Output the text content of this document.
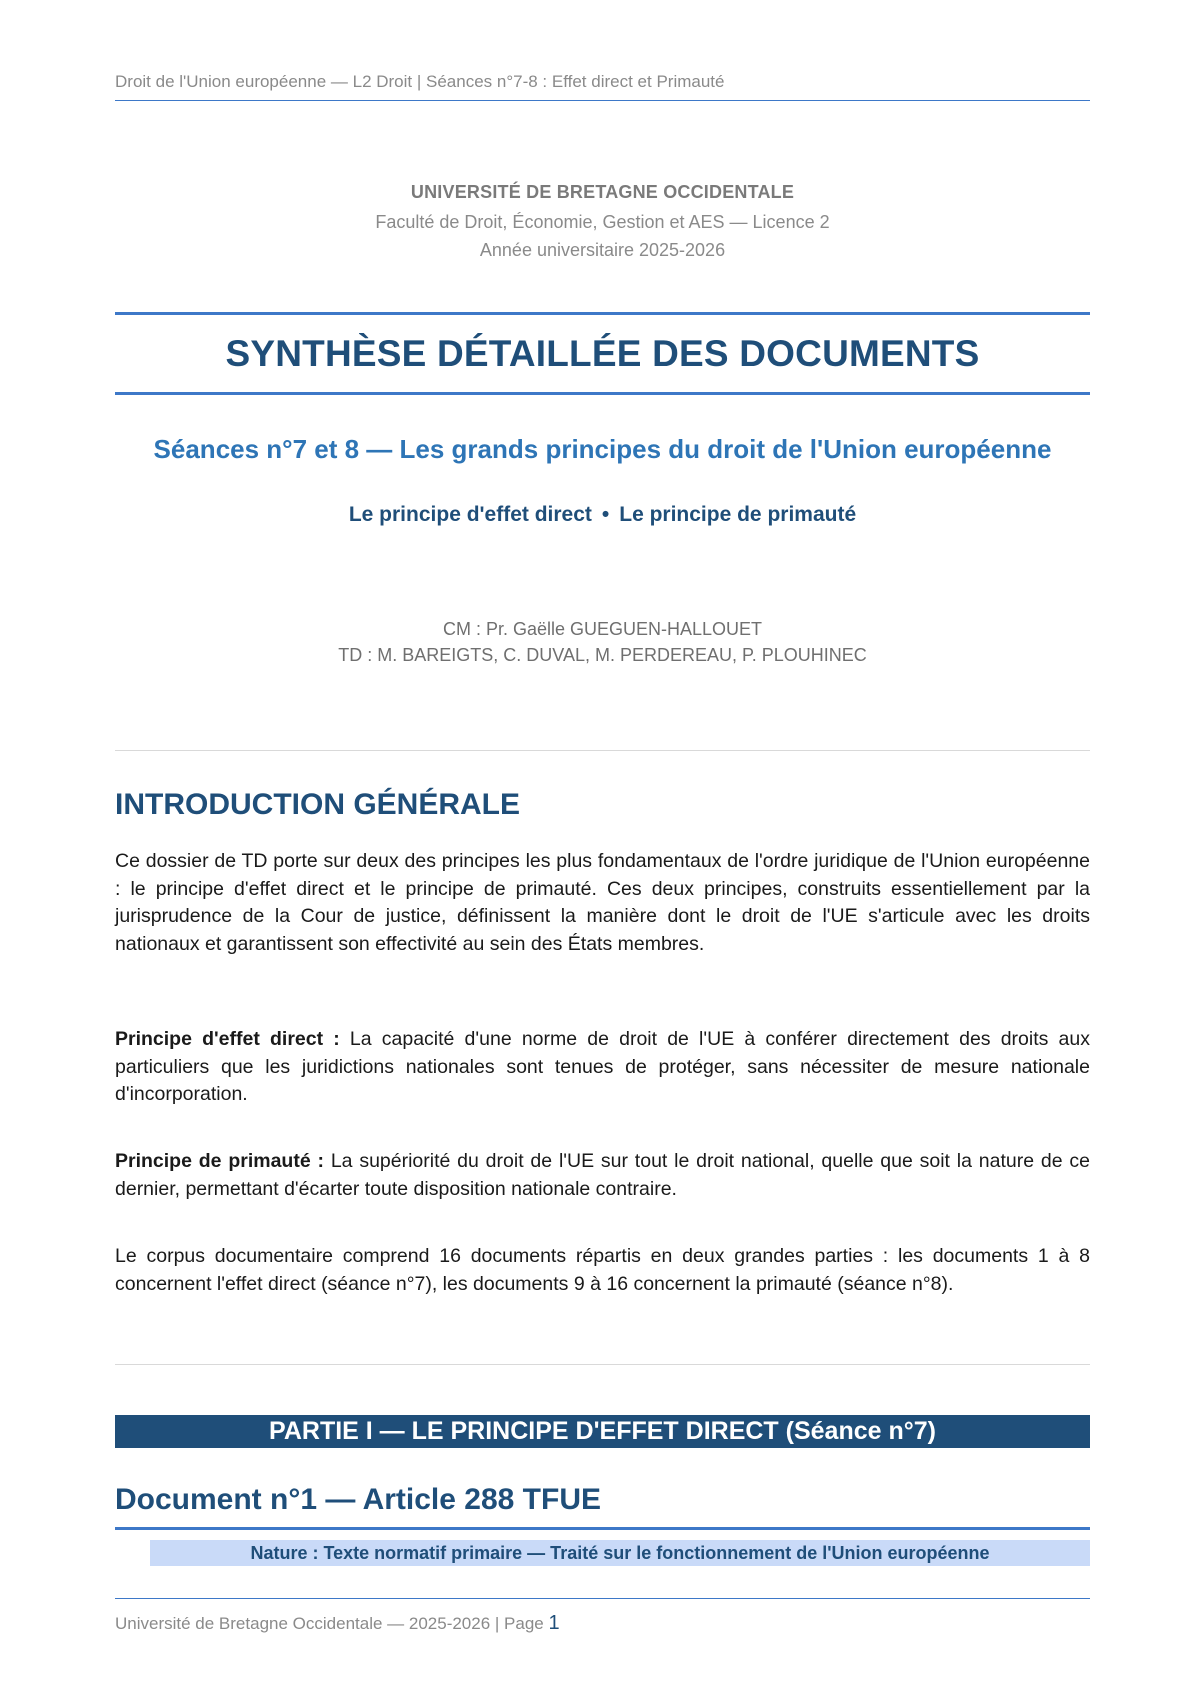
Droit de l'Union européenne — L2 Droit | Séances n°7-8 : Effet direct et Primauté
UNIVERSITÉ DE BRETAGNE OCCIDENTALE
Faculté de Droit, Économie, Gestion et AES — Licence 2
Année universitaire 2025-2026
SYNTHÈSE DÉTAILLÉE DES DOCUMENTS
Séances n°7 et 8 — Les grands principes du droit de l'Union européenne
Le principe d'effet direct • Le principe de primauté
CM : Pr. Gaëlle GUEGUEN-HALLOUET
TD : M. BAREIGTS, C. DUVAL, M. PERDEREAU, P. PLOUHINEC
INTRODUCTION GÉNÉRALE
Ce dossier de TD porte sur deux des principes les plus fondamentaux de l'ordre juridique de l'Union européenne : le principe d'effet direct et le principe de primauté. Ces deux principes, construits essentiellement par la jurisprudence de la Cour de justice, définissent la manière dont le droit de l'UE s'articule avec les droits nationaux et garantissent son effectivité au sein des États membres.
Principe d'effet direct : La capacité d'une norme de droit de l'UE à conférer directement des droits aux particuliers que les juridictions nationales sont tenues de protéger, sans nécessiter de mesure nationale d'incorporation.
Principe de primauté : La supériorité du droit de l'UE sur tout le droit national, quelle que soit la nature de ce dernier, permettant d'écarter toute disposition nationale contraire.
Le corpus documentaire comprend 16 documents répartis en deux grandes parties : les documents 1 à 8 concernent l'effet direct (séance n°7), les documents 9 à 16 concernent la primauté (séance n°8).
PARTIE I — LE PRINCIPE D'EFFET DIRECT (Séance n°7)
Document n°1 — Article 288 TFUE
Nature : Texte normatif primaire — Traité sur le fonctionnement de l'Union européenne
Université de Bretagne Occidentale — 2025-2026 | Page 1
